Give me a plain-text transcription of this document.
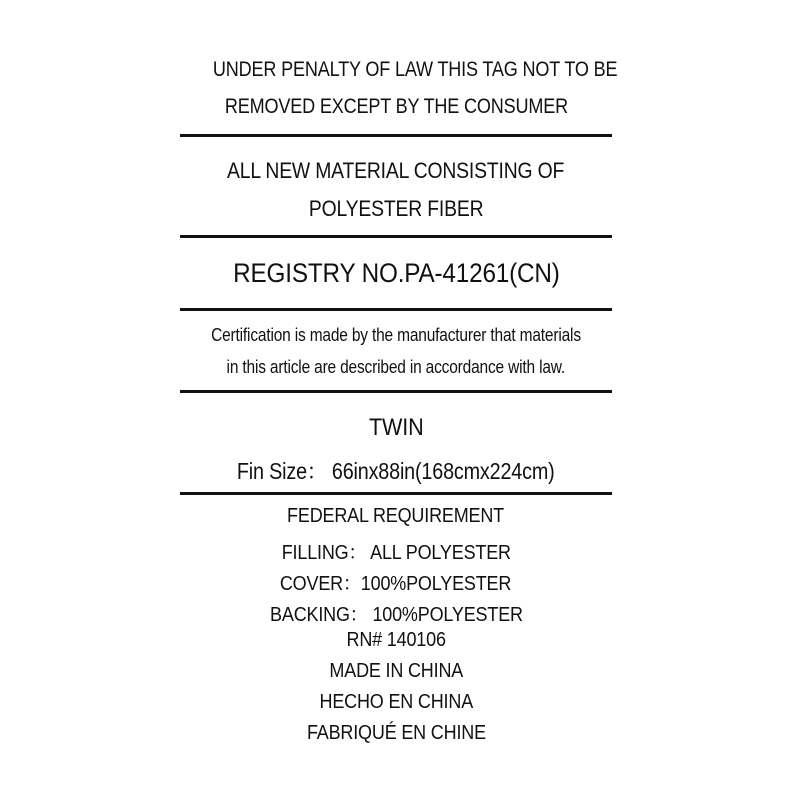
UNDER PENALTY OF LAW THIS TAG NOT TO BE
REMOVED EXCEPT BY THE CONSUMER
ALL NEW MATERIAL CONSISTING OF
POLYESTER FIBER
REGISTRY NO.PA-41261(CN)
Certification is made by the manufacturer that materials
in this article are described in accordance with law.
TWIN
Fin Size： 66inx88in(168cmx224cm)
FEDERAL REQUIREMENT
FILLING： ALL POLYESTER
COVER：100%POLYESTER
BACKING： 100%POLYESTER
RN# 140106
MADE IN CHINA
HECHO EN CHINA
FABRIQUÉ EN CHINE
